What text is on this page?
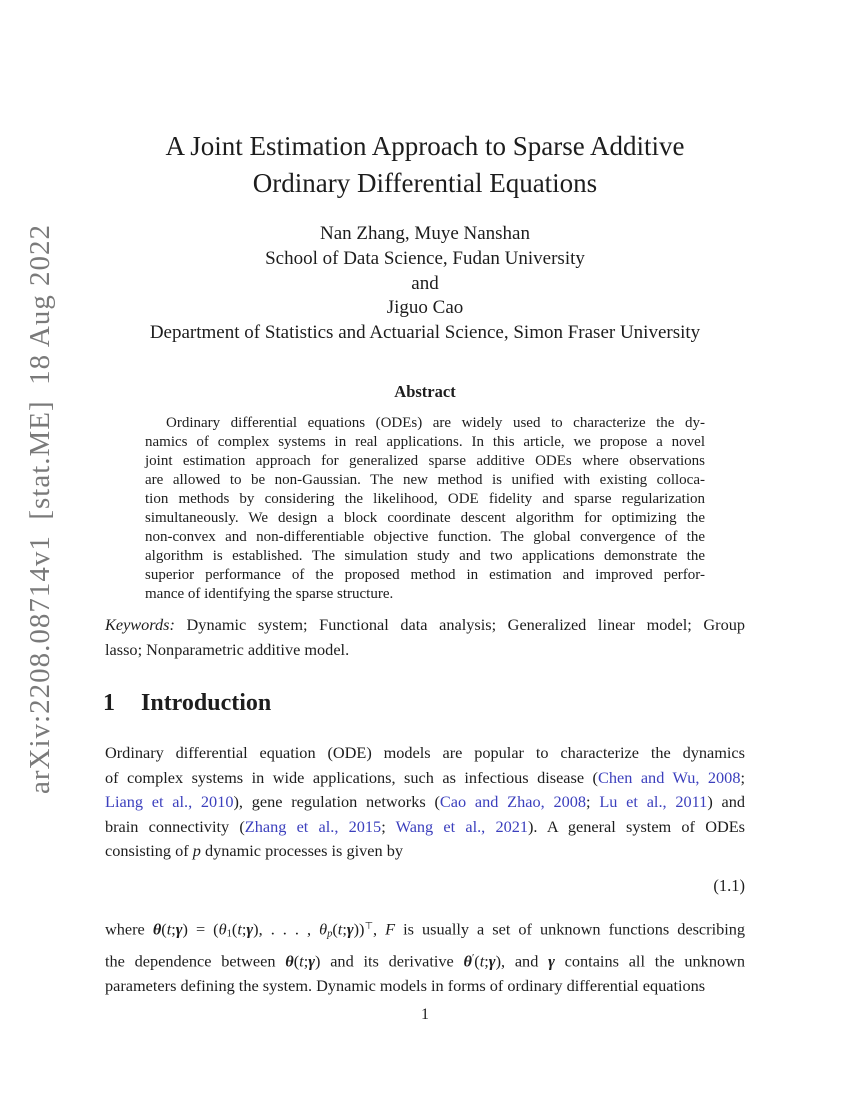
arXiv:2208.08714v1 [stat.ME] 18 Aug 2022
A Joint Estimation Approach to Sparse Additive
Ordinary Differential Equations
Nan Zhang, Muye Nanshan
School of Data Science, Fudan University
and
Jiguo Cao
Department of Statistics and Actuarial Science, Simon Fraser University
Abstract
Ordinary differential equations (ODEs) are widely used to characterize the dy-
namics of complex systems in real applications. In this article, we propose a novel
joint estimation approach for generalized sparse additive ODEs where observations
are allowed to be non-Gaussian. The new method is unified with existing colloca-
tion methods by considering the likelihood, ODE fidelity and sparse regularization
simultaneously. We design a block coordinate descent algorithm for optimizing the
non-convex and non-differentiable objective function. The global convergence of the
algorithm is established. The simulation study and two applications demonstrate the
superior performance of the proposed method in estimation and improved perfor-
mance of identifying the sparse structure.
Keywords: Dynamic system; Functional data analysis; Generalized linear model; Group
lasso; Nonparametric additive model.
1 Introduction
Ordinary differential equation (ODE) models are popular to characterize the dynamics
of complex systems in wide applications, such as infectious disease (Chen and Wu, 2008;
Liang et al., 2010), gene regulation networks (Cao and Zhao, 2008; Lu et al., 2011) and
brain connectivity (Zhang et al., 2015; Wang et al., 2021). A general system of ODEs
consisting of p dynamic processes is given by
(1.1)
where θ(t;γ) = (θ1(t;γ), . . . , θp(t;γ))⊤, F is usually a set of unknown functions describing
the dependence between θ(t;γ) and its derivative θ′(t;γ), and γ contains all the unknown
parameters defining the system. Dynamic models in forms of ordinary differential equations
1
